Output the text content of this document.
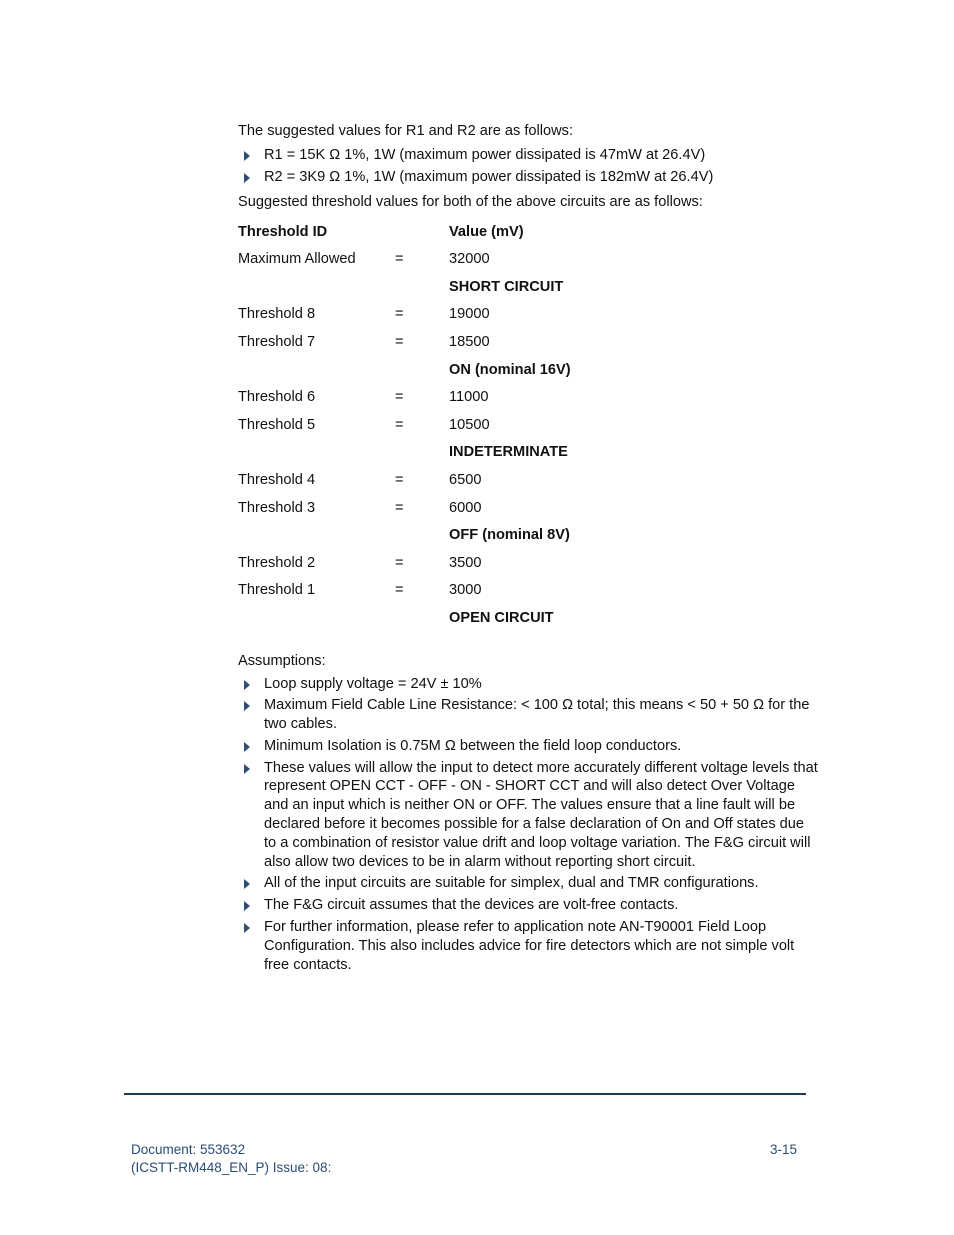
The suggested values for R1 and R2 are as follows:

R1 = 15K Ω 1%, 1W (maximum power dissipated is 47mW at 26.4V)
R2 = 3K9 Ω 1%, 1W (maximum power dissipated is 182mW at 26.4V)

Suggested threshold values for both of the above circuits are as follows:

Threshold ID	Value (mV)
Maximum Allowed	=	32000
SHORT CIRCUIT
Threshold 8	=	19000
Threshold 7	=	18500
ON (nominal 16V)
Threshold 6	=	11000
Threshold 5	=	10500
INDETERMINATE
Threshold 4	=	6500
Threshold 3	=	6000
OFF (nominal 8V)
Threshold 2	=	3500
Threshold 1	=	3000
OPEN CIRCUIT

Assumptions:

Loop supply voltage = 24V ± 10%
Maximum Field Cable Line Resistance: < 100 Ω total; this means < 50 + 50 Ω for the two cables.
Minimum Isolation is 0.75M Ω between the field loop conductors.
These values will allow the input to detect more accurately different voltage levels that represent OPEN CCT - OFF - ON - SHORT CCT and will also detect Over Voltage and an input which is neither ON or OFF. The values ensure that a line fault will be declared before it becomes possible for a false declaration of On and Off states due to a combination of resistor value drift and loop voltage variation. The F&G circuit will also allow two devices to be in alarm without reporting short circuit.
All of the input circuits are suitable for simplex, dual and TMR configurations.
The F&G circuit assumes that the devices are volt-free contacts.
For further information, please refer to application note AN-T90001 Field Loop Configuration. This also includes advice for fire detectors which are not simple volt free contacts.
Document: 553632
(ICSTT-RM448_EN_P) Issue: 08:
3-15
